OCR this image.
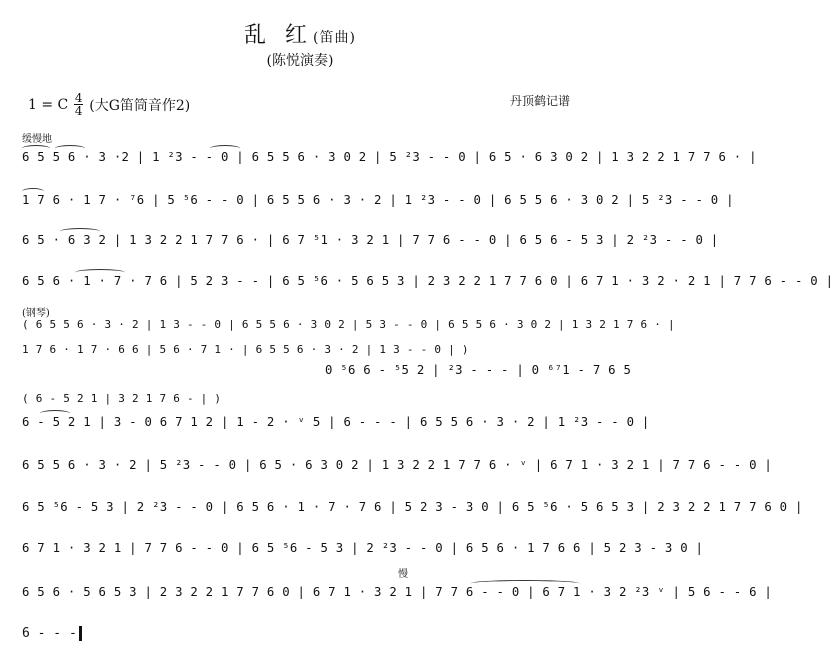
乱 红(笛曲)
(陈悦演奏)
1 = C $\frac{4}{4}$ (大G笛筒音作2)	丹顶鹤记谱
缓慢地
(钢琴)
6 5 5 6 · 3 ·2 | 1 ²3 - - 0 | 6 5 5 6 · 3 0 2 | 5 ²3 - - 0 | 6 5 · 6 3 0 2 | 1 3 2 2 1 7 7 6 · |
1 7 6 · 1 7 · ⁷6 | 5 ⁵6 - - 0 | 6 5 5 6 · 3 · 2 | 1 ²3 - - 0 | 6 5 5 6 · 3 0 2 | 5 ²3 - - 0 |
6 5 · 6 3 2 | 1 3 2 2 1 7 7 6 · | 6 7 ⁵1 · 3 2 1 | 7 7 6 - - 0 | 6 5 6 - 5 3 | 2 ²3 - - 0 |
6 5 6 · 1 · 7 · 7 6 | 5 2 3 - - | 6 5 ⁵6 · 5 6 5 3 | 2 3 2 2 1 7 7 6 0 | 6 7 1 · 3 2 · 2 1 | 7 7 6 - - 0 |
( 6 5 5 6 · 3 · 2 | 1 3 - - 0 | 6 5 5 6 · 3 0 2 | 5 3 - - 0 | 6 5 5 6 · 3 0 2 | 1 3 2 1 7 6 · |
1 7 6 · 1 7 · 6 6 | 5 6 · 7 1 · | 6 5 5 6 · 3 · 2 | 1 3 - - 0 | )
0 ⁵6 6 - ⁵5 2 | ²3 - - - | 0 ⁶⁷1 - 7 6 5
( 6 - 5 2 1 | 3 2 1 7 6 - | )
6 - 5 2 1 | 3 - 0 6 7 1 2 | 1 - 2 · ᵛ 5 | 6 - - - | 6 5 5 6 · 3 · 2 | 1 ²3 - - 0 |
6 5 5 6 · 3 · 2 | 5 ²3 - - 0 | 6 5 · 6 3 0 2 | 1 3 2 2 1 7 7 6 · ᵛ | 6 7 1 · 3 2 1 | 7 7 6 - - 0 |
6 5 ⁵6 - 5 3 | 2 ²3 - - 0 | 6 5 6 · 1 · 7 · 7 6 | 5 2 3 - 3 0 | 6 5 ⁵6 · 5 6 5 3 | 2 3 2 2 1 7 7 6 0 |
6 7 1 · 3 2 1 | 7 7 6 - - 0 | 6 5 ⁵6 - 5 3 | 2 ²3 - - 0 | 6 5 6 · 1 7 6 6 | 5 2 3 - 3 0 |
6 5 6 · 5 6 5 3 | 2 3 2 2 1 7 7 6 0 | 6 7 1 · 3 2 1 | 7 7 6 - - 0 | 6 7 1 · 3 2 ²3 ᵛ | 5 6 - - 6 |
慢
6 - - -
